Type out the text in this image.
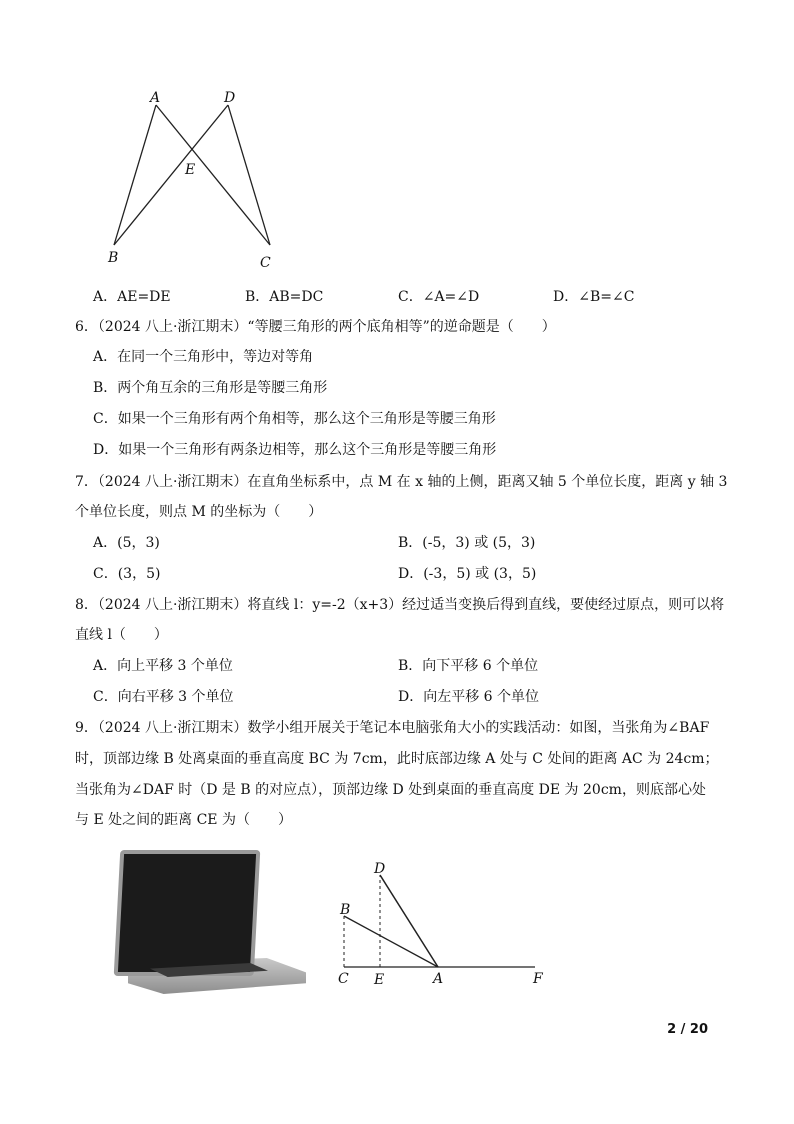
A	D
E
B	C
A．AE=DE	B．AB=DC	C．∠A=∠D	D．∠B=∠C
6．（2024 八上·浙江期末）“等腰三角形的两个底角相等”的逆命题是（　　）
A．在同一个三角形中，等边对等角
B．两个角互余的三角形是等腰三角形
C．如果一个三角形有两个角相等，那么这个三角形是等腰三角形
D．如果一个三角形有两条边相等，那么这个三角形是等腰三角形
7．（2024 八上·浙江期末）在直角坐标系中，点 M 在 x 轴的上侧，距离又轴 5 个单位长度，距离 y 轴 3
个单位长度，则点 M 的坐标为（　　）
A．(5，3)	B．(-5，3) 或 (5，3)
C．(3，5)	D．(-3，5) 或 (3，5)
8．（2024 八上·浙江期末）将直线 l：y=-2（x+3）经过适当变换后得到直线，要使经过原点，则可以将
直线 l（　　）
A．向上平移 3 个单位	B．向下平移 6 个单位
C．向右平移 3 个单位	D．向左平移 6 个单位
9．（2024 八上·浙江期末）数学小组开展关于笔记本电脑张角大小的实践活动：如图，当张角为∠BAF
时，顶部边缘 B 处离桌面的垂直高度 BC 为 7cm，此时底部边缘 A 处与 C 处间的距离 AC 为 24cm；
当张角为∠DAF 时（D 是 B 的对应点），顶部边缘 D 处到桌面的垂直高度 DE 为 20cm，则底部心处
与 E 处之间的距离 CE 为（　　）
D
B
C E	A	F
2 / 20
